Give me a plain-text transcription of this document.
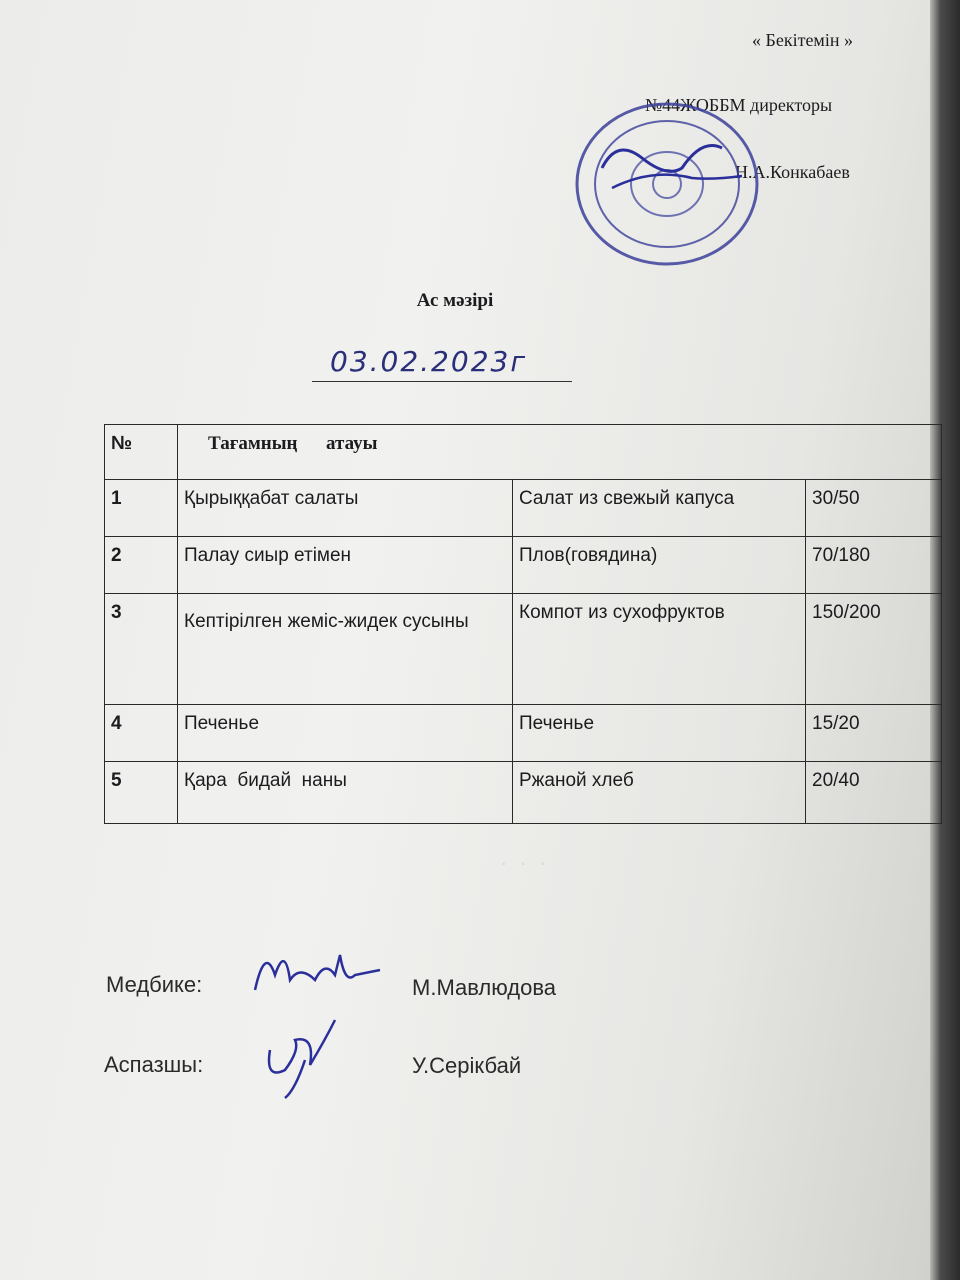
·  ·  ·
« Бекітемін »
№44ЖОББМ директоры
Н.А.Конкабаев
Ас мәзірі
03.02.2023г
№	Тағамның      атауы		
1	Қырыққабат салаты	Салат из свежый капуса	30/50
2	Палау сиыр етімен	Плов(говядина)	70/180
3	Кептірілген жеміс-жидек сусыны	Компот из сухофруктов	150/200
4	Печенье	Печенье	15/20
5	Қара  бидай  наны	Ржаной хлеб	20/40
Медбике:	М.Мавлюдова
Аспазшы:	У.Серікбай
